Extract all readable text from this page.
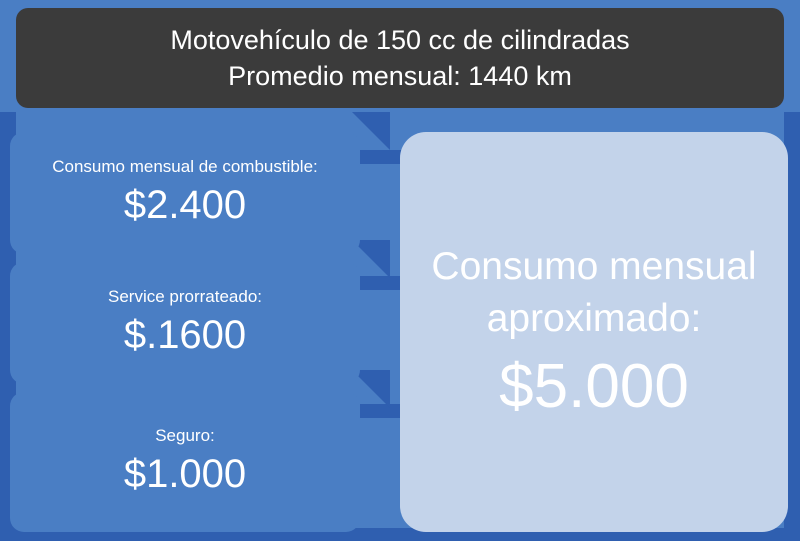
Motovehículo de 150 cc de cilindradas
Promedio mensual: 1440 km
Consumo mensual de combustible:
$2.400
Service prorrateado:
$.1600
Seguro:
$1.000
Consumo mensual aproximado:
$5.000
